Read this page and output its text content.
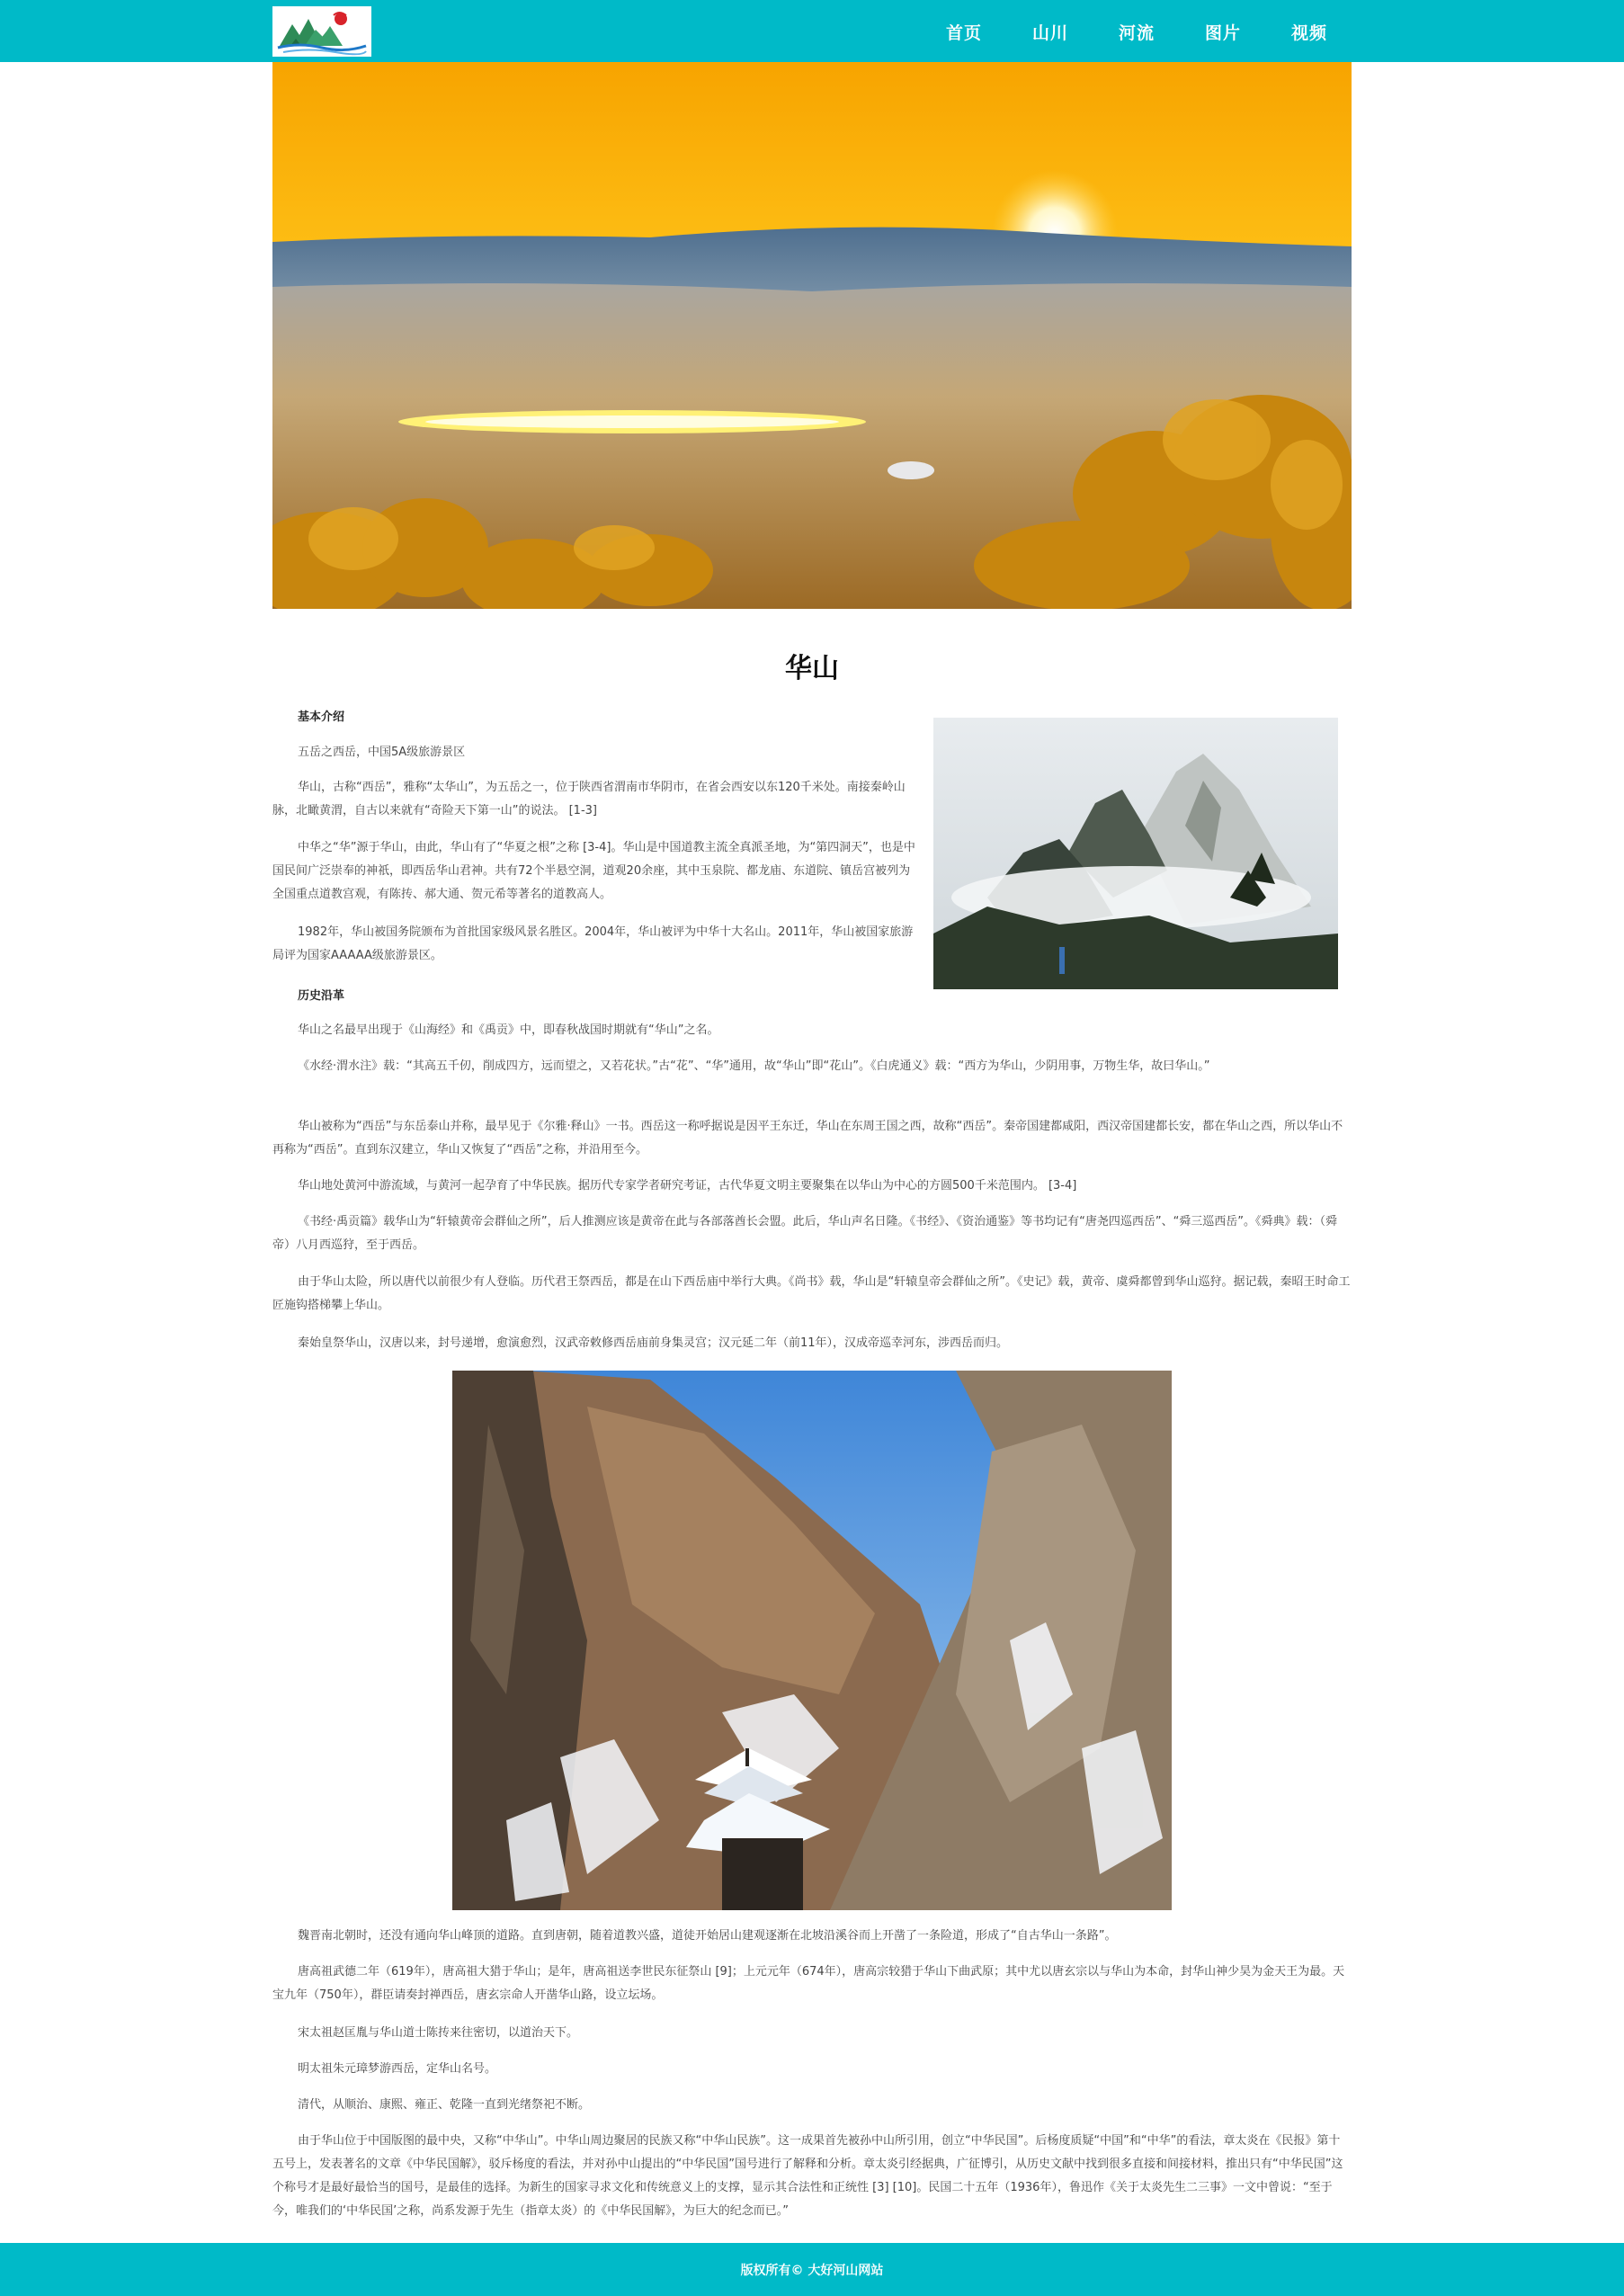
首页	山川	河流	图片	视频
华山
基本介绍

五岳之西岳，中国5A级旅游景区

华山，古称“西岳”，雅称“太华山”，为五岳之一，位于陕西省渭南市华阴市，在省会西安以东120千米处。南接秦岭山脉，北瞰黄渭，自古以来就有“奇险天下第一山”的说法。 [1-3]

中华之“华”源于华山，由此，华山有了“华夏之根”之称 [3-4]。华山是中国道教主流全真派圣地，为“第四洞天”，也是中国民间广泛崇奉的神祇，即西岳华山君神。共有72个半悬空洞，道观20余座，其中玉泉院、都龙庙、东道院、镇岳宫被列为全国重点道教宫观，有陈抟、郝大通、贺元希等著名的道教高人。

1982年，华山被国务院颁布为首批国家级风景名胜区。2004年，华山被评为中华十大名山。2011年，华山被国家旅游局评为国家AAAAA级旅游景区。

历史沿革

华山之名最早出现于《山海经》和《禹贡》中，即春秋战国时期就有“华山”之名。

《水经·渭水注》载：“其高五千仞，削成四方，远而望之，又若花状。”古“花”、“华”通用，故“华山”即“花山”。《白虎通义》载：“西方为华山，少阴用事，万物生华，故曰华山。”

华山被称为“西岳”与东岳泰山并称，最早见于《尔雅·释山》一书。西岳这一称呼据说是因平王东迁，华山在东周王国之西，故称“西岳”。秦帝国建都咸阳，西汉帝国建都长安，都在华山之西，所以华山不再称为“西岳”。直到东汉建立，华山又恢复了“西岳”之称，并沿用至今。

华山地处黄河中游流域，与黄河一起孕育了中华民族。据历代专家学者研究考证，古代华夏文明主要聚集在以华山为中心的方圆500千米范围内。 [3-4]

《书经·禹贡篇》载华山为“轩辕黄帝会群仙之所”，后人推测应该是黄帝在此与各部落酋长会盟。此后，华山声名日隆。《书经》、《资治通鉴》等书均记有“唐尧四巡西岳”、“舜三巡西岳”。《舜典》载：（舜帝）八月西巡狩，至于西岳。

由于华山太险，所以唐代以前很少有人登临。历代君王祭西岳，都是在山下西岳庙中举行大典。《尚书》载，华山是“轩辕皇帝会群仙之所”。《史记》载，黄帝、虞舜都曾到华山巡狩。据记载，秦昭王时命工匠施钩搭梯攀上华山。

秦始皇祭华山，汉唐以来，封号递增，愈演愈烈，汉武帝敕修西岳庙前身集灵宫；汉元延二年（前11年），汉成帝巡幸河东，涉西岳而归。

魏晋南北朝时，还没有通向华山峰顶的道路。直到唐朝，随着道教兴盛，道徒开始居山建观逐渐在北坡沿溪谷而上开凿了一条险道，形成了“自古华山一条路”。

唐高祖武德二年（619年），唐高祖大猎于华山；是年，唐高祖送李世民东征祭山 [9]；上元元年（674年），唐高宗较猎于华山下曲武原；其中尤以唐玄宗以与华山为本命，封华山神少昊为金天王为最。天宝九年（750年），群臣请奏封禅西岳，唐玄宗命人开凿华山路，设立坛场。

宋太祖赵匡胤与华山道士陈抟来往密切，以道治天下。

明太祖朱元璋梦游西岳，定华山名号。

清代，从顺治、康熙、雍正、乾隆一直到光绪祭祀不断。

由于华山位于中国版图的最中央，又称“中华山”。中华山周边聚居的民族又称“中华山民族”。这一成果首先被孙中山所引用，创立“中华民国”。后杨度质疑“中国”和“中华”的看法，章太炎在《民报》第十五号上，发表著名的文章《中华民国解》，驳斥杨度的看法，并对孙中山提出的“中华民国”国号进行了解释和分析。章太炎引经据典，广征博引，从历史文献中找到很多直接和间接材料，推出只有“中华民国”这个称号才是最好最恰当的国号，是最佳的选择。为新生的国家寻求文化和传统意义上的支撑，显示其合法性和正统性 [3] [10]。民国二十五年（1936年），鲁迅作《关于太炎先生二三事》一文中曾说：“至于今，唯我们的‘中华民国’之称，尚系发源于先生（指章太炎）的《中华民国解》，为巨大的纪念而已。”

版权所有© 大好河山网站
